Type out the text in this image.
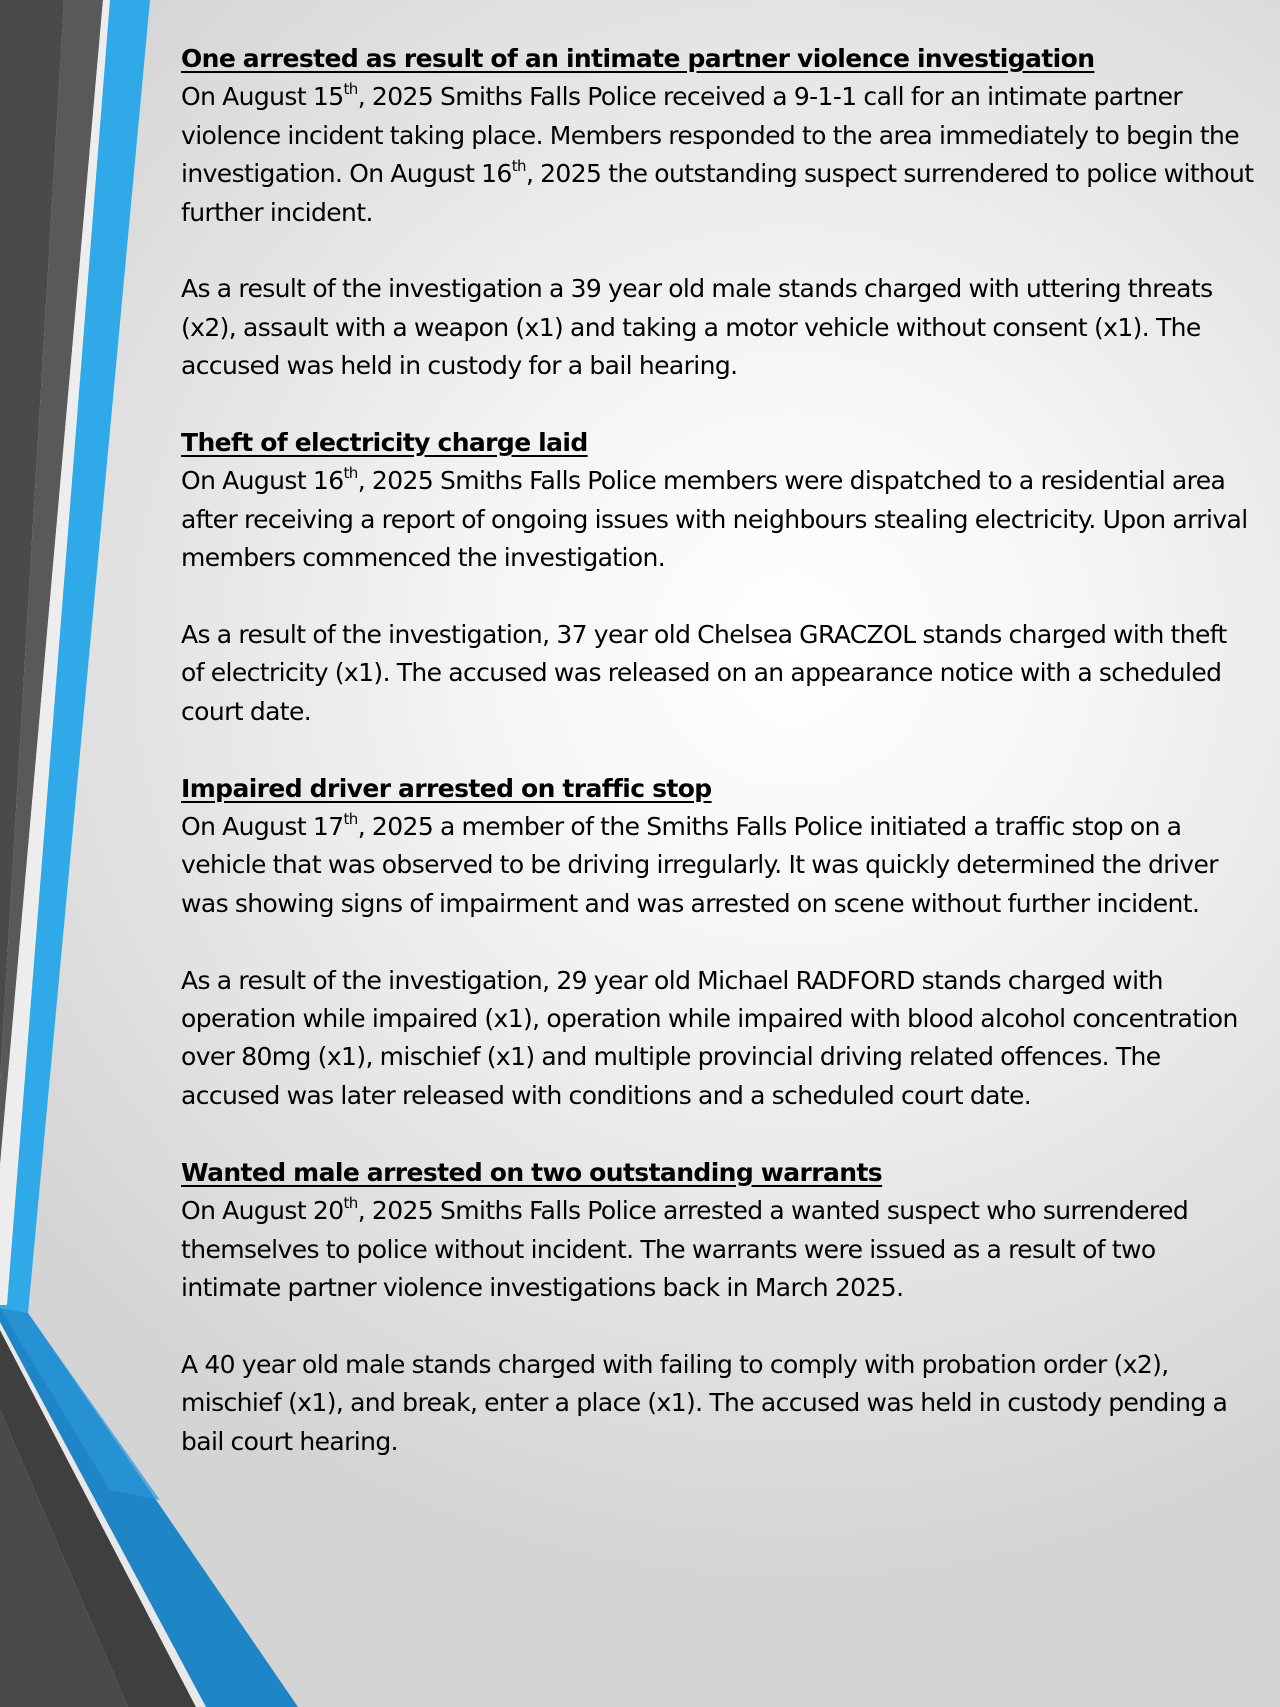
One arrested as result of an intimate partner violence investigation

On August 15th, 2025 Smiths Falls Police received a 9-1-1 call for an intimate partner violence incident taking place. Members responded to the area immediately to begin the investigation. On August 16th, 2025 the outstanding suspect surrendered to police without further incident.

As a result of the investigation a 39 year old male stands charged with uttering threats (x2), assault with a weapon (x1) and taking a motor vehicle without consent (x1). The accused was held in custody for a bail hearing.

Theft of electricity charge laid

On August 16th, 2025 Smiths Falls Police members were dispatched to a residential area after receiving a report of ongoing issues with neighbours stealing electricity. Upon arrival members commenced the investigation.

As a result of the investigation, 37 year old Chelsea GRACZOL stands charged with theft of electricity (x1). The accused was released on an appearance notice with a scheduled court date.

Impaired driver arrested on traffic stop

On August 17th, 2025 a member of the Smiths Falls Police initiated a traffic stop on a vehicle that was observed to be driving irregularly. It was quickly determined the driver was showing signs of impairment and was arrested on scene without further incident.

As a result of the investigation, 29 year old Michael RADFORD stands charged with operation while impaired (x1), operation while impaired with blood alcohol concentration over 80mg (x1), mischief (x1) and multiple provincial driving related offences. The accused was later released with conditions and a scheduled court date.

Wanted male arrested on two outstanding warrants

On August 20th, 2025 Smiths Falls Police arrested a wanted suspect who surrendered themselves to police without incident. The warrants were issued as a result of two intimate partner violence investigations back in March 2025.

A 40 year old male stands charged with failing to comply with probation order (x2), mischief (x1), and break, enter a place (x1). The accused was held in custody pending a bail court hearing.
